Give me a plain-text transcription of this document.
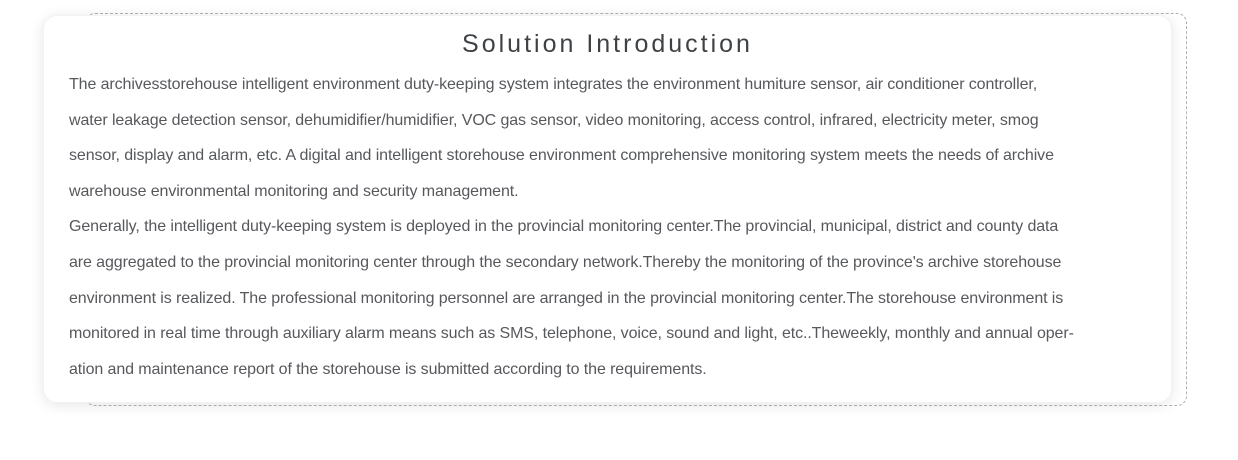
Solution Introduction
The archivesstorehouse intelligent environment duty-keeping system integrates the environment humiture sensor, air conditioner controller,
water leakage detection sensor, dehumidifier/humidifier, VOC gas sensor, video monitoring, access control, infrared, electricity meter, smog
sensor, display and alarm, etc. A digital and intelligent storehouse environment comprehensive monitoring system meets the needs of archive
warehouse environmental monitoring and security management.
Generally, the intelligent duty-keeping system is deployed in the provincial monitoring center.The provincial, municipal, district and county data
are aggregated to the provincial monitoring center through the secondary network.Thereby the monitoring of the province's archive storehouse
environment is realized. The professional monitoring personnel are arranged in the provincial monitoring center.The storehouse environment is
monitored in real time through auxiliary alarm means such as SMS, telephone, voice, sound and light, etc..Theweekly, monthly and annual oper-
ation and maintenance report of the storehouse is submitted according to the requirements.
